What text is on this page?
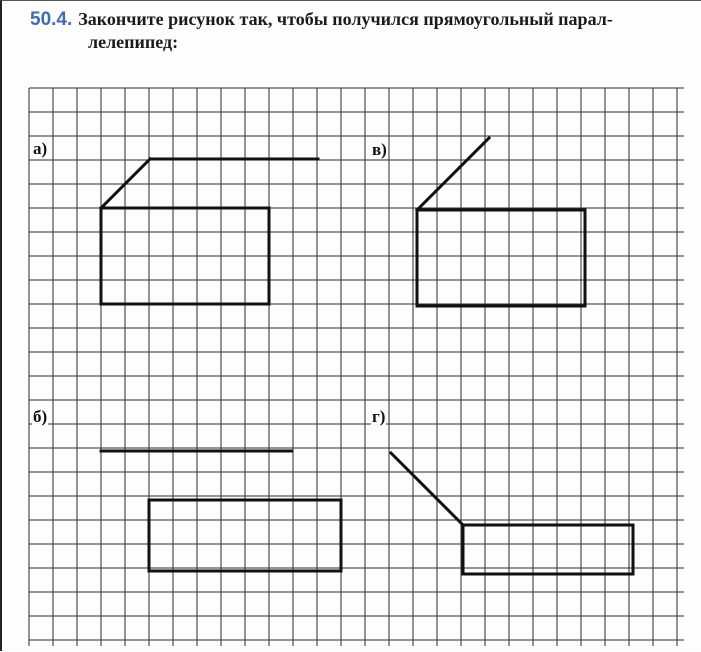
50.4. Закончите рисунок так, чтобы получился прямоугольный парал-
лелепипед:
а)	в)
б)	г)
